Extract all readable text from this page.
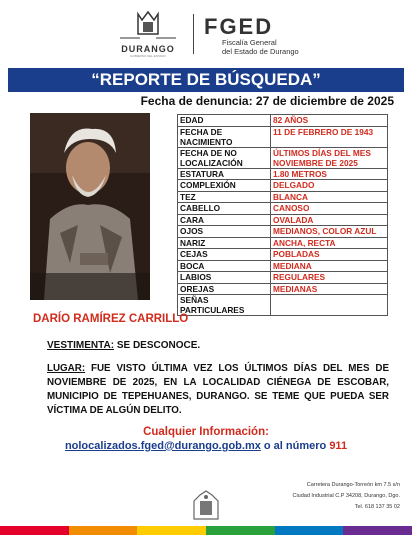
DURANGO
GOBIERNO DEL ESTADO
FGED
Fiscalía General
del Estado de Durango
“REPORTE DE BÚSQUEDA”
Fecha de denuncia: 27 de diciembre de 2025
EDAD	82 AÑOS
FECHA DE NACIMIENTO	11 DE FEBRERO DE 1943
FECHA DE NO LOCALIZACIÓN	ÚLTIMOS DÍAS DEL MES NOVIEMBRE DE 2025
ESTATURA	1.80 METROS
COMPLEXIÓN	DELGADO
TEZ	BLANCA
CABELLO	CANOSO
CARA	OVALADA
OJOS	MEDIANOS, COLOR AZUL
NARIZ	ANCHA, RECTA
CEJAS	POBLADAS
BOCA	MEDIANA
LABIOS	REGULARES
OREJAS	MEDIANAS
SEÑAS PARTICULARES	
DARÍO RAMÍREZ CARRILLO
VESTIMENTA: SE DESCONOCE.
LUGAR: FUE VISTO ÚLTIMA VEZ LOS ÚLTIMOS DÍAS DEL MES DE NOVIEMBRE DE 2025, EN LA LOCALIDAD CIÉNEGA DE ESCOBAR, MUNICIPIO DE TEPEHUANES, DURANGO. SE TEME QUE PUEDA SER VÍCTIMA DE ALGÚN DELITO.
Cualquier Información:
nolocalizados.fged@durango.gob.mx o al número 911
Carretera Durango-Torreón km 7.5 s/n
Ciudad Industrial C.P 34208, Durango, Dgo.
Tel. 618 137 35 02
